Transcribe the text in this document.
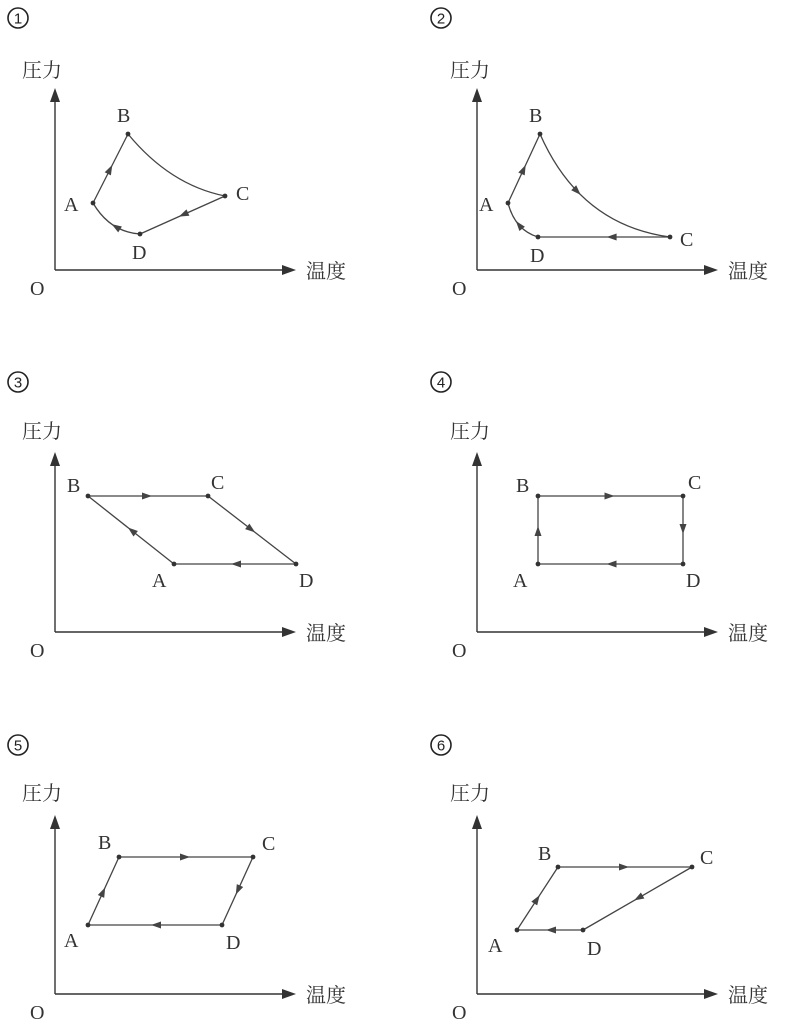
1
圧力
温度
O
A
B
C
D
2
圧力
温度
O
A
B
C
D
3
圧力
温度
O
A
B	C
D
4
圧力
温度
O
A
B	C
D
5
圧力
温度
O
A
B	C
D
6
圧力
温度
O
A
B	C
D
